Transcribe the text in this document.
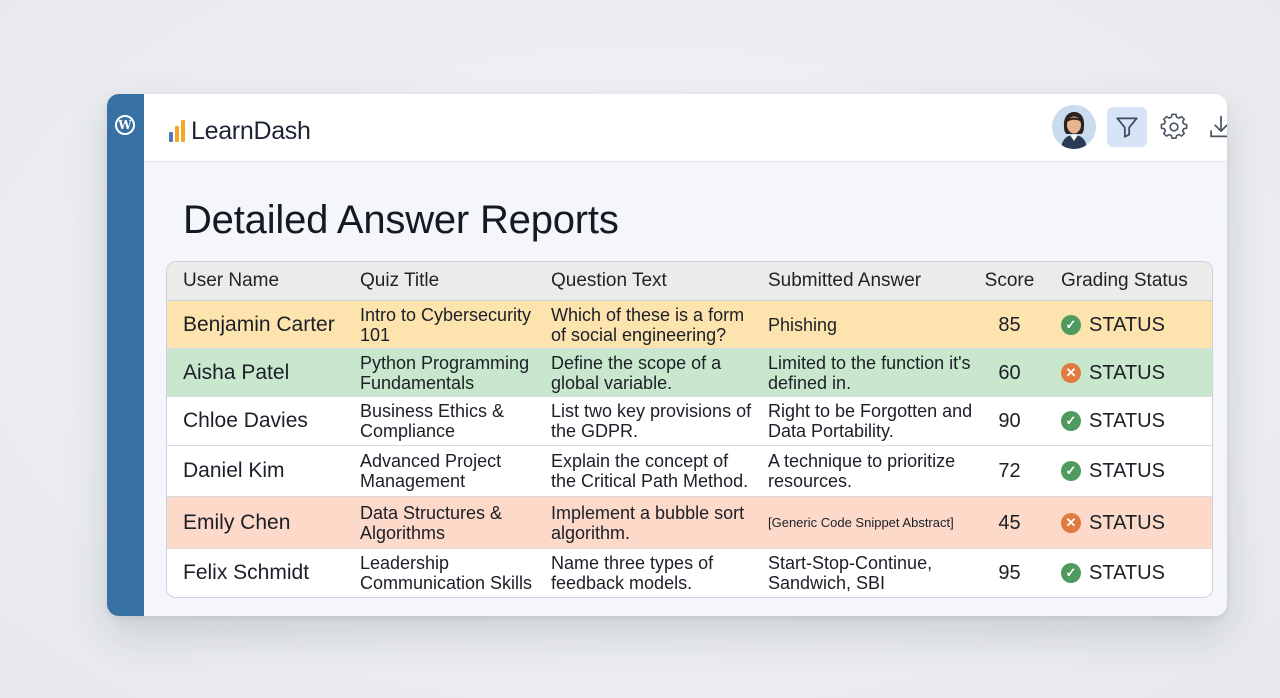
W LearnDash
Detailed Answer Reports
User Name	Quiz Title	Question Text	Submitted Answer	Score	Grading Status
Benjamin Carter	Intro to Cybersecurity 101	Which of these is a form of social engineering?	Phishing	85	✓ STATUS

Aisha Patel	Python Programming Fundamentals	Define the scope of a global variable.	Limited to the function it's defined in.	60	✕ STATUS

Chloe Davies	Business Ethics & Compliance	List two key provisions of the GDPR.	Right to be Forgotten and Data Portability.	90	✓ STATUS

Daniel Kim	Advanced Project Management	Explain the concept of the Critical Path Method.	A technique to prioritize resources.	72	✓ STATUS

Emily Chen	Data Structures & Algorithms	Implement a bubble sort algorithm.	[Generic Code Snippet Abstract]	45	✕ STATUS

Felix Schmidt	Leadership Communication Skills	Name three types of feedback models.	Start-Stop-Continue, Sandwich, SBI	95	✓ STATUS
